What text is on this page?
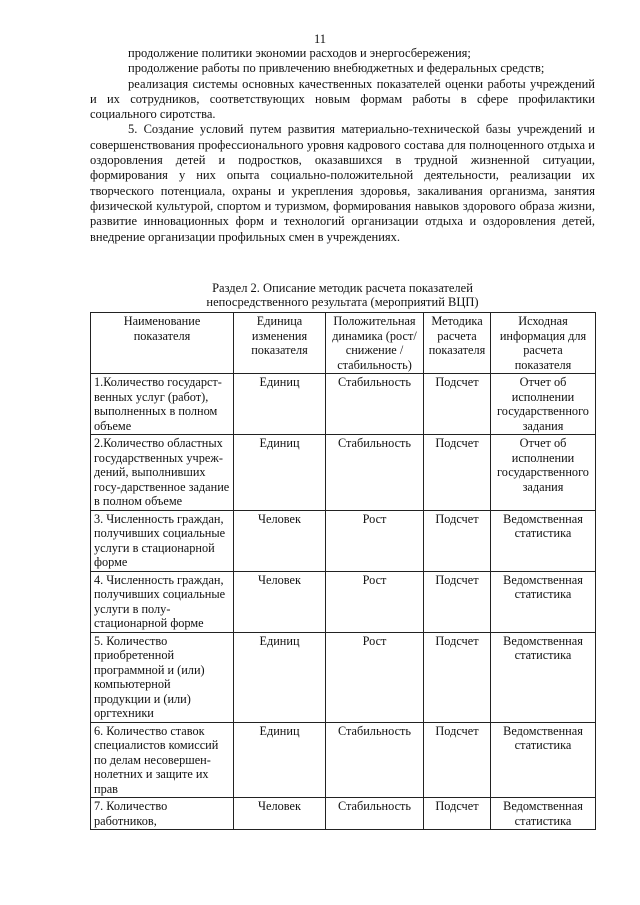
11

продолжение политики экономии расходов и энергосбережения;

продолжение работы по привлечению внебюджетных и федеральных средств;

реализация системы основных качественных показателей оценки работы учреждений и их сотрудников, соответствующих новым формам работы в сфере профилактики социального сиротства.

5. Создание условий путем развития материально-технической базы учреждений и совершенствования профессионального уровня кадрового состава для полноценного отдыха и оздоровления детей и подростков, оказавшихся в трудной жизненной ситуации, формирования у них опыта социально-положительной деятельности, реализации их творческого потенциала, охраны и укрепления здоровья, закаливания организма, занятия физической культурой, спортом и туризмом, формирования навыков здорового образа жизни, развитие инновационных форм и технологий организации отдыха и оздоровления детей, внедрение организации профильных смен в учреждениях.

Раздел 2. Описание методик расчета показателей
непосредственного результата (мероприятий ВЦП)
Наименование показателя	Единица изменения показателя	Положительная динамика (рост/снижение /стабильность)	Методика расчета показателя	Исходная информация для расчета показателя
1.Количество государст-венных услуг (работ), выполненных в полном объеме	Единиц	Стабильность	Подсчет	Отчет об исполнении государственного задания
2.Количество областных государственных учреж-дений, выполнивших госу-дарственное задание в полном объеме	Единиц	Стабильность	Подсчет	Отчет об исполнении государственного задания
3. Численность граждан, получивших социальные услуги в стационарной форме	Человек	Рост	Подсчет	Ведомственная статистика
4. Численность граждан, получивших социальные услуги в полу-стационарной форме	Человек	Рост	Подсчет	Ведомственная статистика
5. Количество приобретенной программной и (или) компьютерной продукции и (или) оргтехники	Единиц	Рост	Подсчет	Ведомственная статистика
6. Количество ставок специалистов комиссий по делам несовершен-нолетних и защите их прав	Единиц	Стабильность	Подсчет	Ведомственная статистика
7. Количество работников,	Человек	Стабильность	Подсчет	Ведомственная статистика
